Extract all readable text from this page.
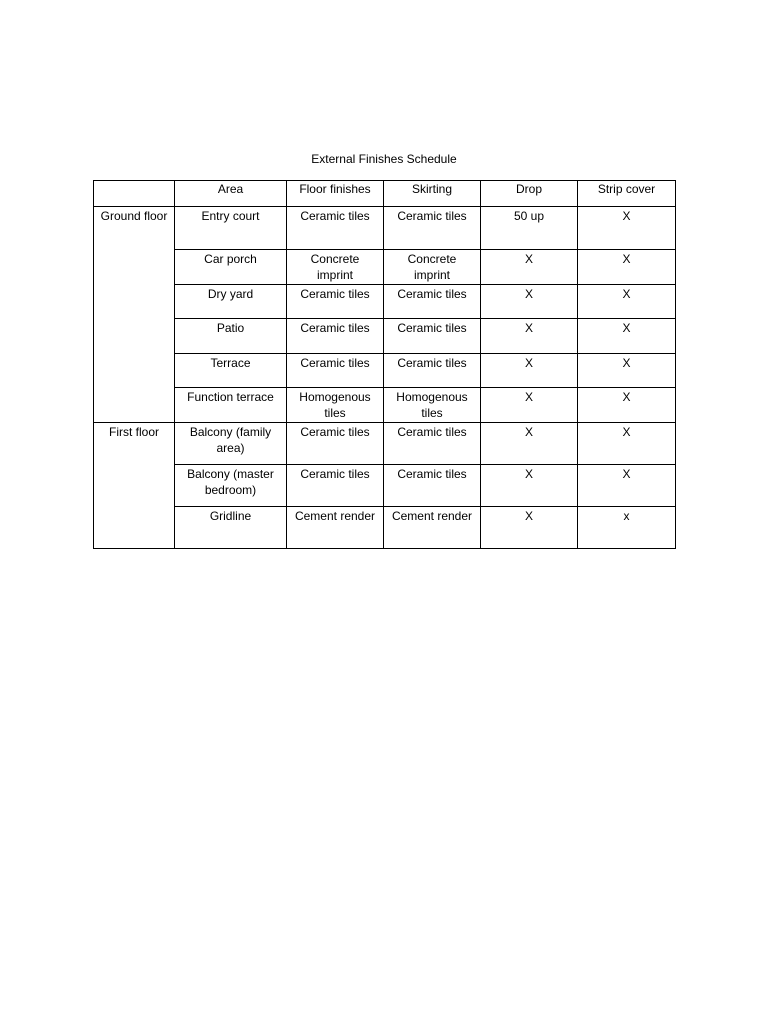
External Finishes Schedule
	Area	Floor finishes	Skirting	Drop	Strip cover
Ground floor	Entry court	Ceramic tiles	Ceramic tiles	50 up	X
	Car porch	Concrete imprint	Concrete imprint	X	X
	Dry yard	Ceramic tiles	Ceramic tiles	X	X
	Patio	Ceramic tiles	Ceramic tiles	X	X
	Terrace	Ceramic tiles	Ceramic tiles	X	X
	Function terrace	Homogenous tiles	Homogenous tiles	X	X
First floor	Balcony (family area)	Ceramic tiles	Ceramic tiles	X	X
	Balcony (master bedroom)	Ceramic tiles	Ceramic tiles	X	X
	Gridline	Cement render	Cement render	X	x
